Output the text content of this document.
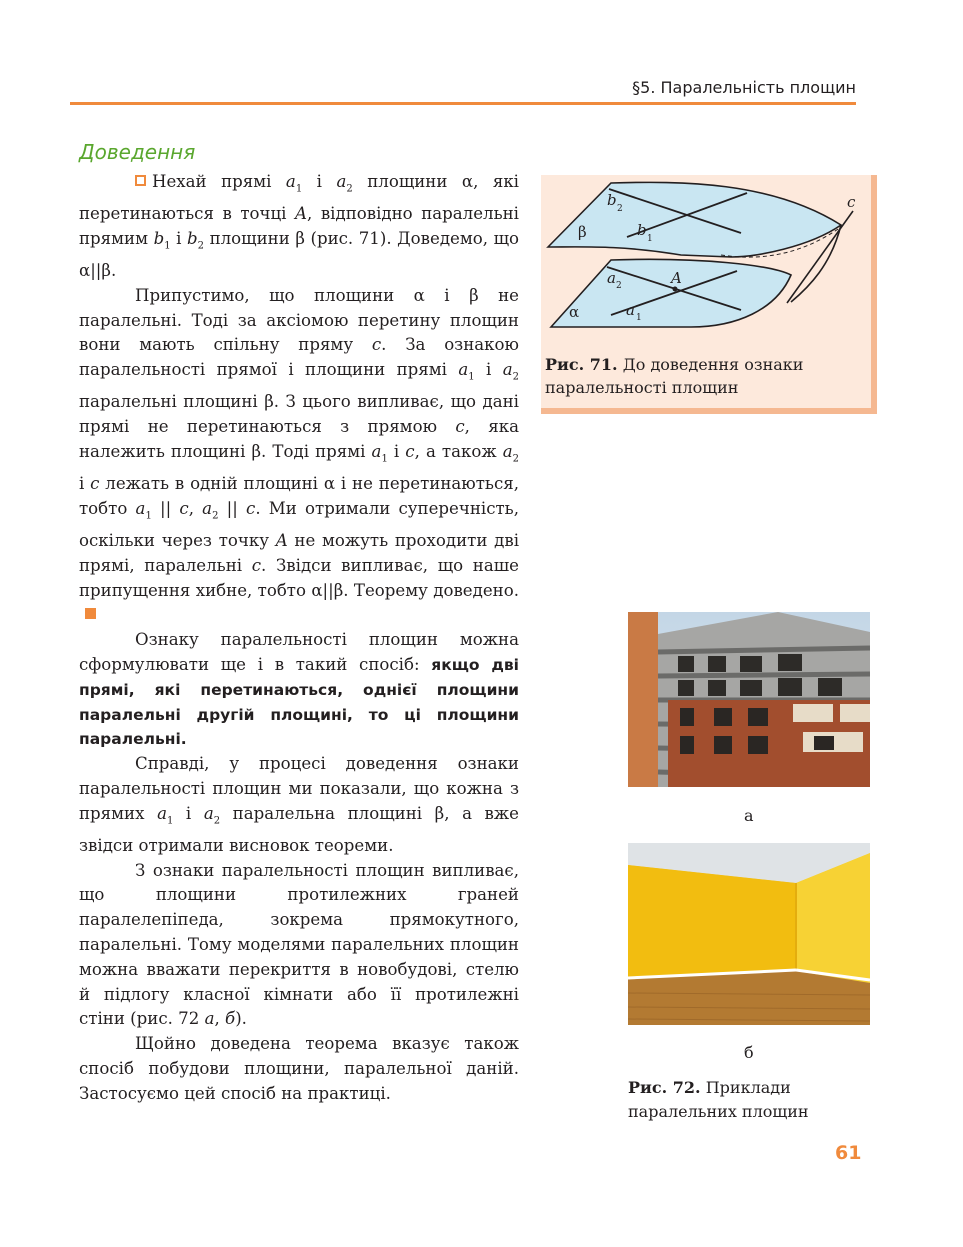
§5. Паралельність площин
Доведення

Нехай прямі $a_1$ і $a_2$ площини α, які перетинаються в точці A, відповідно паралельні прямим $b_1$ і $b_2$ площини β (рис. 71). Доведемо, що α||β.

Припустимо, що площини α і β не паралельні. Тоді за аксіомою перетину площин вони мають спільну пряму c. За ознакою паралельності прямої і площини прямі $a_1$ і $a_2$ паралельні площині β. З цього випливає, що дані прямі не перетинаються з прямою c, яка належить площині β. Тоді прямі $a_1$ і c, а також $a_2$ і c лежать в одній площині α і не перетинаються, тобто $a_1$ || c, $a_2$ || c. Ми отримали суперечність, оскільки через точку A не можуть проходити дві прямі, паралельні c. Звідси випливає, що наше припущення хибне, тобто α||β. Теорему доведено.

Ознаку паралельності площин можна сформулювати ще і в такий спосіб: якщо дві прямі, які перетинаються, однієї площини паралельні другій площині, то ці площини паралельні.

Справді, у процесі доведення ознаки паралельності площин ми показали, що кожна з прямих $a_1$ і $a_2$ паралельна площині β, а вже звідси отримали висновок теореми.

З ознаки паралельності площин випливає, що площини протилежних граней паралелепіпеда, зокрема прямокутного, паралельні. Тому моделями паралельних площин можна вважати перекриття в новобудові, стелю й підлогу класної кімнати або її протилежні стіни (рис. 72 а, б).

Щойно доведена теорема вказує також спосіб побудови площини, паралельної даній. Застосуємо цей спосіб на практиці.

b 2
β	b 1
c
a 2	A
α	a 1
Рис. 71. До доведення ознаки паралельності площин
а
б
Рис. 72. Приклади паралельних площин
61
